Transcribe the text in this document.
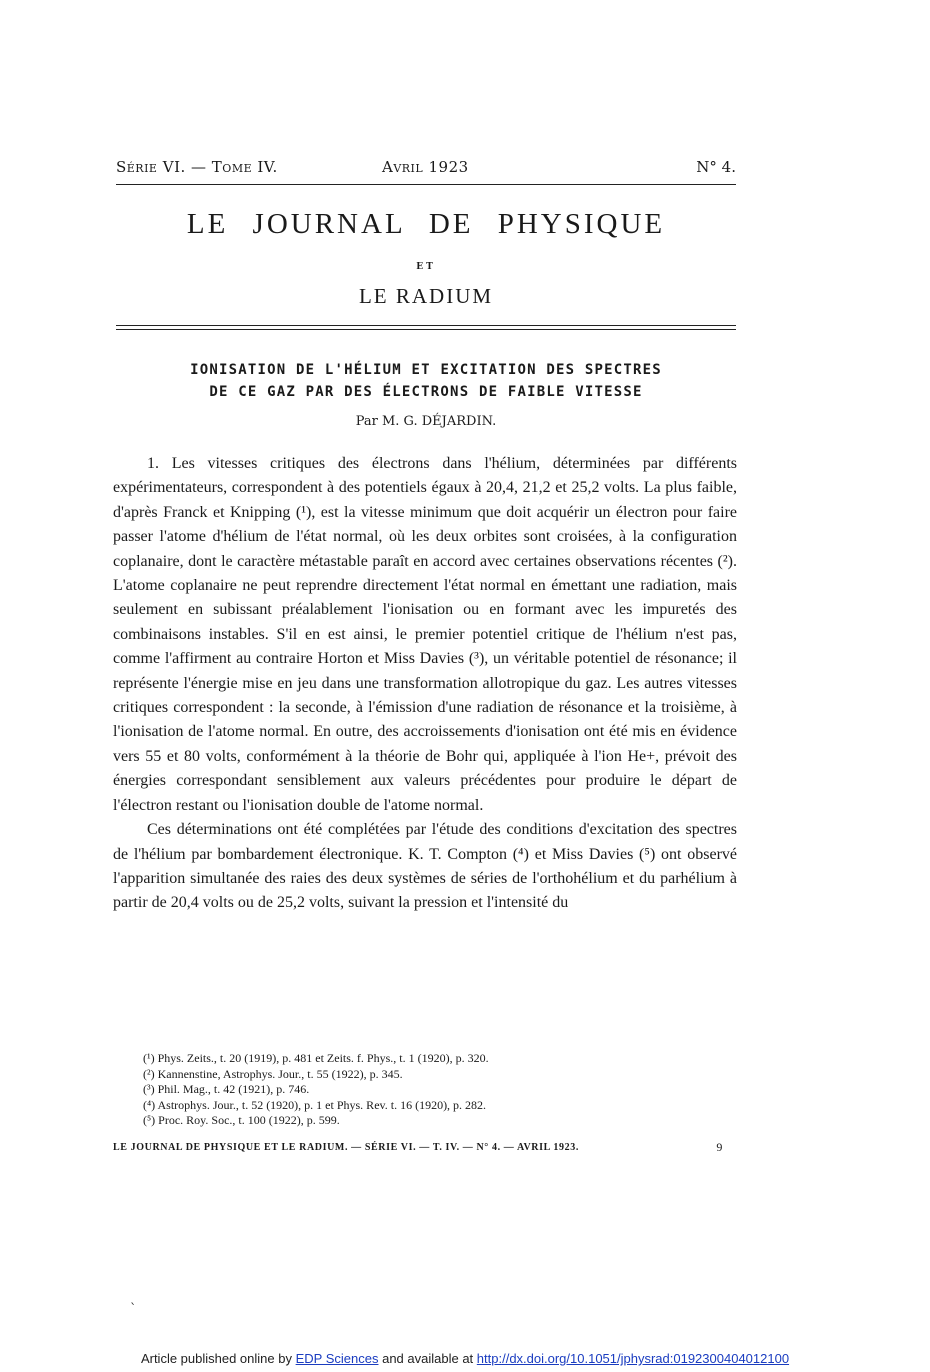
Série VI. — Tome IV.	Avril 1923	N° 4.
LE JOURNAL DE PHYSIQUE
ET
LE RADIUM
IONISATION DE L'HÉLIUM ET EXCITATION DES SPECTRES
DE CE GAZ PAR DES ÉLECTRONS DE FAIBLE VITESSE
Par M. G. DÉJARDIN.

1. Les vitesses critiques des électrons dans l'hélium, déterminées par différents expérimentateurs, correspondent à des potentiels égaux à 20,4, 21,2 et 25,2 volts. La plus faible, d'après Franck et Knipping (¹), est la vitesse minimum que doit acquérir un électron pour faire passer l'atome d'hélium de l'état normal, où les deux orbites sont croisées, à la configuration coplanaire, dont le caractère métastable paraît en accord avec certaines observations récentes (²). L'atome coplanaire ne peut reprendre directement l'état normal en émettant une radiation, mais seulement en subissant préalablement l'ionisation ou en formant avec les impuretés des combinaisons instables. S'il en est ainsi, le premier potentiel critique de l'hélium n'est pas, comme l'affirment au contraire Horton et Miss Davies (³), un véritable potentiel de résonance; il représente l'énergie mise en jeu dans une transformation allotropique du gaz. Les autres vitesses critiques correspondent : la seconde, à l'émission d'une radiation de résonance et la troisième, à l'ionisation de l'atome normal. En outre, des accroissements d'ionisation ont été mis en évidence vers 55 et 80 volts, conformément à la théorie de Bohr qui, appliquée à l'ion He+, prévoit des énergies correspondant sensiblement aux valeurs précédentes pour produire le départ de l'électron restant ou l'ionisation double de l'atome normal.

Ces déterminations ont été complétées par l'étude des conditions d'excitation des spectres de l'hélium par bombardement électronique. K. T. Compton (⁴) et Miss Davies (⁵) ont observé l'apparition simultanée des raies des deux systèmes de séries de l'orthohélium et du parhélium à partir de 20,4 volts ou de 25,2 volts, suivant la pression et l'intensité du

(¹) Phys. Zeits., t. 20 (1919), p. 481 et Zeits. f. Phys., t. 1 (1920), p. 320.
(²) Kannenstine, Astrophys. Jour., t. 55 (1922), p. 345.
(³) Phil. Mag., t. 42 (1921), p. 746.
(⁴) Astrophys. Jour., t. 52 (1920), p. 1 et Phys. Rev. t. 16 (1920), p. 282.
(⁵) Proc. Roy. Soc., t. 100 (1922), p. 599.
LE JOURNAL DE PHYSIQUE ET LE RADIUM. — SÉRIE VI. — T. IV. — N° 4. — AVRIL 1923.	9
ˋ
Article published online by EDP Sciences and available at http://dx.doi.org/10.1051/jphysrad:0192300404012100
